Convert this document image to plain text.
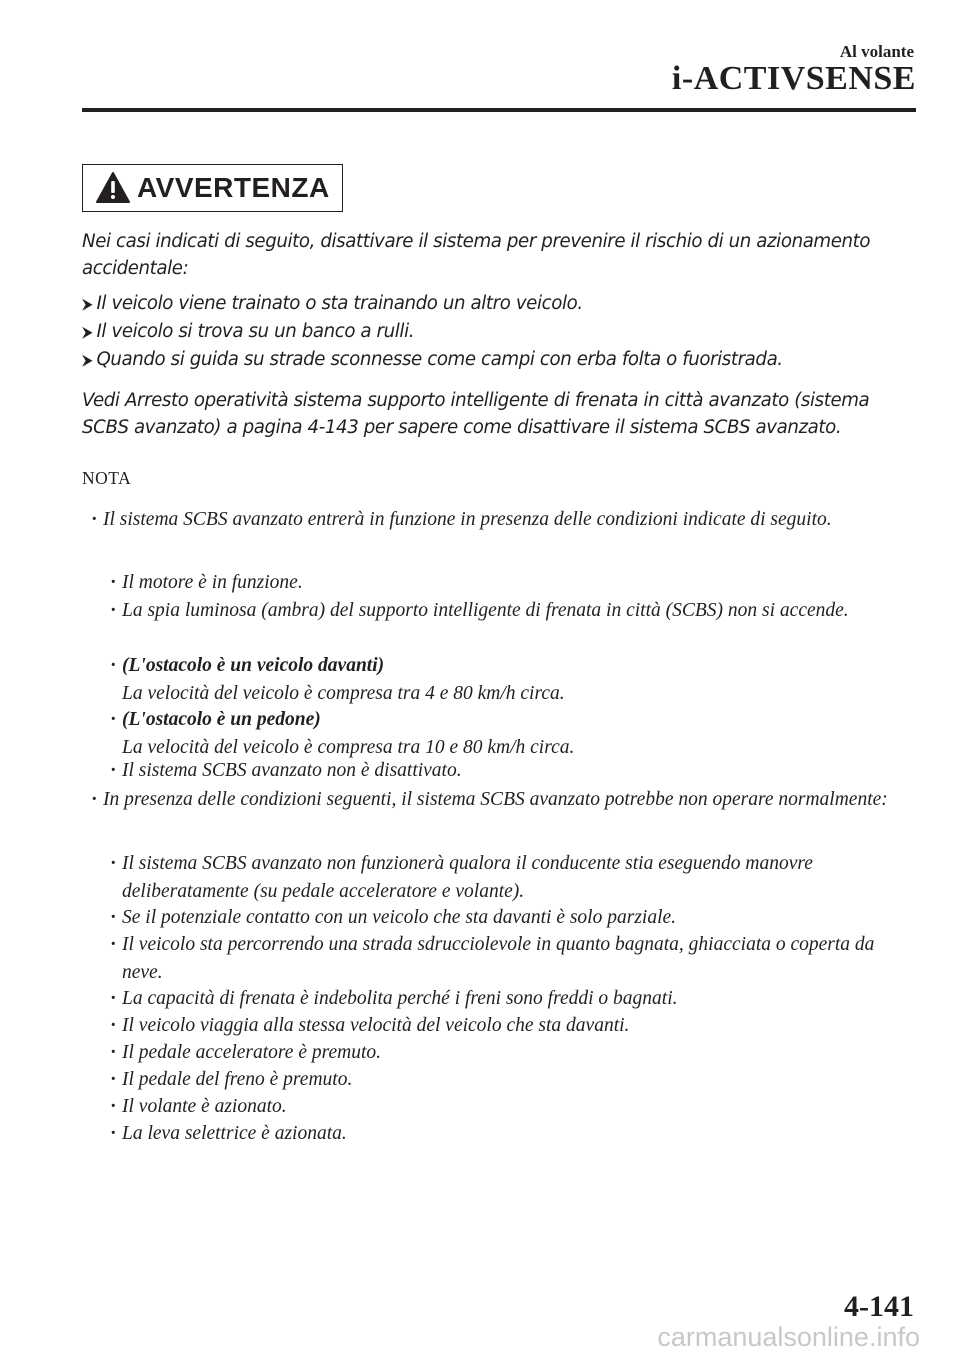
Al volante
i-ACTIVSENSE
AVVERTENZA
Nei casi indicati di seguito, disattivare il sistema per prevenire il rischio di un azionamento accidentale:
⮞ Il veicolo viene trainato o sta trainando un altro veicolo.
⮞ Il veicolo si trova su un banco a rulli.
⮞ Quando si guida su strade sconnesse come campi con erba folta o fuoristrada.
Vedi Arresto operatività sistema supporto intelligente di frenata in città avanzato (sistema SCBS avanzato) a pagina 4-143 per sapere come disattivare il sistema SCBS avanzato.
NOTA
· Il sistema SCBS avanzato entrerà in funzione in presenza delle condizioni indicate di seguito.
· Il motore è in funzione.
· La spia luminosa (ambra) del supporto intelligente di frenata in città (SCBS) non si accende.
· (L'ostacolo è un veicolo davanti)
La velocità del veicolo è compresa tra 4 e 80 km/h circa.
· (L'ostacolo è un pedone)
La velocità del veicolo è compresa tra 10 e 80 km/h circa.
· Il sistema SCBS avanzato non è disattivato.
· In presenza delle condizioni seguenti, il sistema SCBS avanzato potrebbe non operare normalmente:
· Il sistema SCBS avanzato non funzionerà qualora il conducente stia eseguendo manovre deliberatamente (su pedale acceleratore e volante).
· Se il potenziale contatto con un veicolo che sta davanti è solo parziale.
· Il veicolo sta percorrendo una strada sdrucciolevole in quanto bagnata, ghiacciata o coperta da neve.
· La capacità di frenata è indebolita perché i freni sono freddi o bagnati.
· Il veicolo viaggia alla stessa velocità del veicolo che sta davanti.
· Il pedale acceleratore è premuto.
· Il pedale del freno è premuto.
· Il volante è azionato.
· La leva selettrice è azionata.
4-141
carmanualsonline.info
